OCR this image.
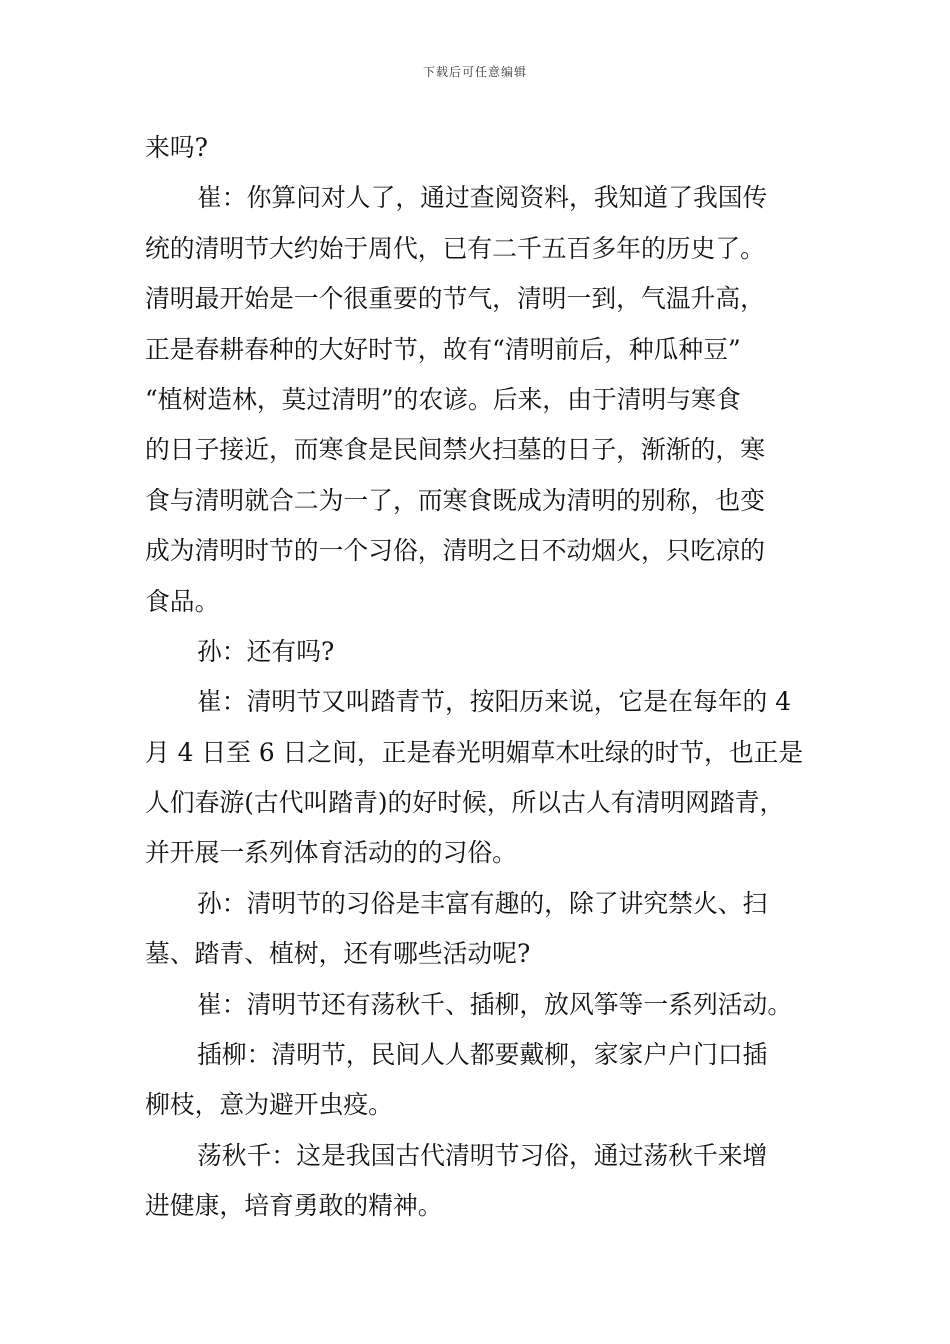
下载后可任意编辑
来吗?
崔：你算问对人了，通过查阅资料，我知道了我国传
统的清明节大约始于周代，已有二千五百多年的历史了。
清明最开始是一个很重要的节气，清明一到，气温升高，
正是春耕春种的大好时节，故有“清明前后，种瓜种豆”
“植树造林，莫过清明”的农谚。后来，由于清明与寒食
的日子接近，而寒食是民间禁火扫墓的日子，渐渐的，寒
食与清明就合二为一了，而寒食既成为清明的别称，也变
成为清明时节的一个习俗，清明之日不动烟火，只吃凉的
食品。
孙：还有吗?
崔：清明节又叫踏青节，按阳历来说，它是在每年的 4
月 4 日至 6 日之间，正是春光明媚草木吐绿的时节，也正是
人们春游(古代叫踏青)的好时候，所以古人有清明网踏青，
并开展一系列体育活动的的习俗。
孙：清明节的习俗是丰富有趣的，除了讲究禁火、扫
墓、踏青、植树，还有哪些活动呢?
崔：清明节还有荡秋千、插柳，放风筝等一系列活动。
插柳：清明节，民间人人都要戴柳，家家户户门口插
柳枝，意为避开虫疫。
荡秋千：这是我国古代清明节习俗，通过荡秋千来增
进健康，培育勇敢的精神。
